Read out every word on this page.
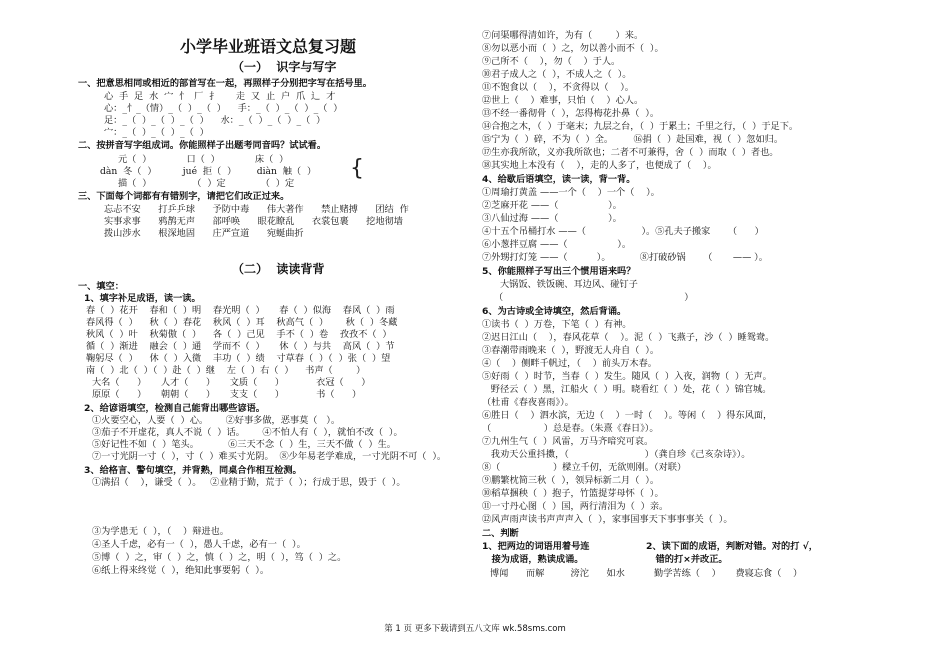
小学毕业班语文总复习题
（一）  识字与写字
一、把意思相同或相近的部首写在一起，再照样子分别把字写在括号里。
心  手  足  水  宀  忄  厂  扌      走  又  止  户  爪  辶  才
心：_忄_（情）_（  ）_（  ）    手：_（  ）_（  ）_（  ）
足：_（  ）_（  ）_（  ）    水：_（  ）_（  ）_（  ）
宀：_（  ）_（  ）_（  ）
二、按拼音写字组成词。你能照样子出题考同音吗？试试看。
元（  ）            口（  ）            床（  ）
dàn  冬（  ）         jué  拒（  ）       diàn  触（  ）
描（  ）              （  ）定            （  ）定
{
三、下面每个词都有有错别字，请把它们改正过来。
忘忐不安      打乒乒球      予防中毒      伟大著作      禁止赌搏      团结  作
实事求事      鸦鹊无声      部呼唤      眼花瞭乱      衣裳包裹      挖地彻墙
拨山涉水      根深地固      庄严宣道      宛蜒曲折
（二）  读读背背
一、填空：
1、填字补足成语，读一读。
春（  ）花开    春和（  ）明    春光明（  ）     春（  ）似海    春风（  ）雨
春风得（  ）    秋（  ）春花    秋风（  ）耳    秋高气（  ）      秋（  ）冬藏
秋风（  ）叶    秋菊傲（  ）    各（  ）己见    手不（  ）卷    孜孜不（  ）
循（  ）渐进    融会（  ）通    学而不（  ）     休（  ）与共    高风（  ）节
鞠躬尽（  ）    休（  ）入微    丰功（  ）绩    寸草春（  ）（  ）张（  ）望
南（  ）北（  ）（  ）赴（  ）继    左（  ）右（  ）    书声（        ）
大名（      ）     人才（      ）     文质（      ）           衣冠（      ）
原原（      ）     朝朝（      ）     支支（      ）           书（      ）
2、给谚语填空，检测自己能背出哪些谚语。
①火要空心，人要（  ）心。      ②好事多做，恶事莫（   ）。
③茄子不开虚花，真人不说（  ）话。      ④不怕人有（  ），就怕不改（  ）。
⑤好记性不如（  ）笔头。          ⑥三天不念（  ）生，三天不做（  ）生。
⑦一寸光阴一寸（  ），寸（  ）难买寸光阴。  ⑧少年易老学难成，一寸光阴不可（  ）。
3、给格言、警句填空，并背熟，同桌合作相互检测。
①满招（    ），谦受（  ）。   ②业精于勤，荒于（  ）；行成于思，毁于（  ）。
③为学患无（  ），（    ）辩进也。
④圣人千虑，必有一（  ），愚人千虑，必有一（  ）。
⑤博（  ）之，审（  ）之，慎（  ）之，明（  ），笃（  ）之。
⑥纸上得来终觉（  ），绝知此事要躬（  ）。
⑦问渠哪得清如许，为有（        ）来。
⑧勿以恶小而（  ）之，勿以善小而不（  ）。
⑨己所不（    ），勿（    ）于人。
⑩君子成人之（  ），不成人之（  ）。
⑪不饱食以（    ），不贪得以（    ）。
⑫世上（    ）难事，只怕（    ）心人。
⑬不经一番彻骨（  ），怎得梅花扑鼻（  ）。
⑭合抱之木，（  ）于毫末；九层之台，（  ）于累土；千里之行，（  ）于足下。
⑮宁为（  ）碎，不为（  ）全。       ⑯捐（  ）赴国难，视（  ）忽如归。
⑰生亦我所欲，义亦我所欲也；二者不可兼得，舍（  ）而取（  ）者也。
⑱其实地上本没有（    ），走的人多了，也便成了（    ）。
4、给歇后语填空，读一读，背一背。
①周瑜打黄盖 ——一个（    ）一个（    ）。
②芝麻开花 ——（                 ）。
③八仙过海 ——（                 ）。
④十五个吊桶打水 ——（                   ）。⑤孔夫子搬家      （      ）
⑥小葱拌豆腐 ——（                 ）。
⑦外甥打灯笼 ——（          ）。          ⑧打破砂锅      （       —— ）。
5、你能照样子写出三个惯用语来吗？
大锅饭、铁饭碗、耳边风、碰钉子
（                                                              ）
6、为古诗或全诗填空，然后背诵。
①读书（  ）万卷，下笔（  ）有神。
②迟日江山（    ），春风花草（    ）。泥（  ）飞燕子，沙（  ）睡鸳鸯。
③春潮带雨晚来（  ），野渡无人舟自（  ）。
④（    ）侧畔千帆过，（    ）前头万木春。
⑤好雨（  ）时节，当春（  ）发生。随风（  ）入夜，润物（  ）无声。
野径云（  ）黑，江船火（  ）明。晓看红（  ）处，花（  ）锦官城。
（杜甫《春夜喜雨》）。
⑥胜日（    ）泗水滨，无边（    ）一时（    ）。等闲（    ）得东风面，
（                  ）总是春。（朱熹《春日》）。
⑦九州生气（  ）风雷，万马齐喑究可哀。
我劝天公重抖擞，（                          ）（龚自珍《己亥杂诗》）。
⑧（                  ）樑立千仞，无欲则刚。（对联）
⑨鹏繁枕简三秋（  ），领异标新二月（  ）。
⑩稻草捆秧（  ）抱子，竹篮提芽母怀（  ）。
⑪一寸丹心图（  ）国，两行清泪为（  ）亲。
⑫风声雨声读书声声声入（  ），家事国事天下事事事关（  ）。
二、判断
1、把两边的词语用着号连
接为成语，熟读成诵。
2、读下面的成语，判断对错。对的打 √，
错的打×并改正。
博闻      而解         滂沱      如水          勤学苦练（    ）     费寝忘食（    ）
第 1 页 更多下载请到五八文库 wk.58sms.com
